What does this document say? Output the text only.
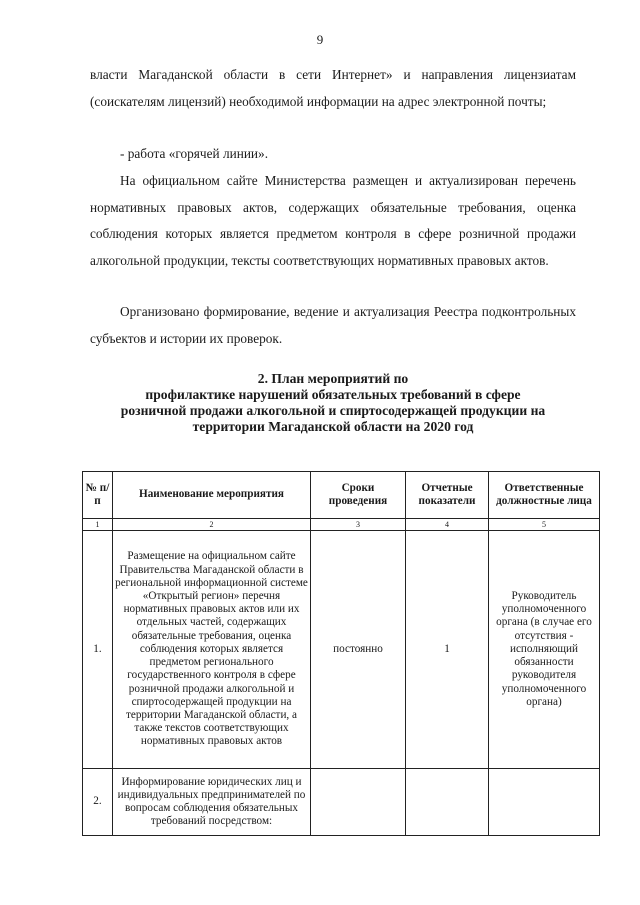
9

власти Магаданской области в сети Интернет» и направления лицензиатам (соискателям лицензий) необходимой информации на адрес электронной почты;

- работа «горячей линии».

На официальном сайте Министерства размещен и актуализирован перечень нормативных правовых актов, содержащих обязательные требования, оценка соблюдения которых является предметом контроля в сфере розничной продажи алкогольной продукции, тексты соответствующих нормативных правовых актов.

Организовано формирование, ведение и актуализация Реестра подконтрольных субъектов и истории их проверок.

2. План мероприятий по
профилактике нарушений обязательных требований в сфере
розничной продажи алкогольной и спиртосодержащей продукции на
территории Магаданской области на 2020 год
№ п/п	Наименование мероприятия	Сроки проведения	Отчетные показатели	Ответственные должностные лица
1	2	3	4	5
1.	Размещение на официальном сайте Правительства Магаданской области в региональной информационной системе «Открытый регион» перечня нормативных правовых актов или их отдельных частей, содержащих обязательные требования, оценка соблюдения которых является предметом регионального государственного контроля в сфере розничной продажи алкогольной и спиртосодержащей продукции на территории Магаданской области, а также текстов соответствующих нормативных правовых актов	постоянно	1	Руководитель уполномоченного органа (в случае его отсутствия - исполняющий обязанности руководителя уполномоченного органа)
2.	Информирование юридических лиц и индивидуальных предпринимателей по вопросам соблюдения обязательных требований посредством:			
